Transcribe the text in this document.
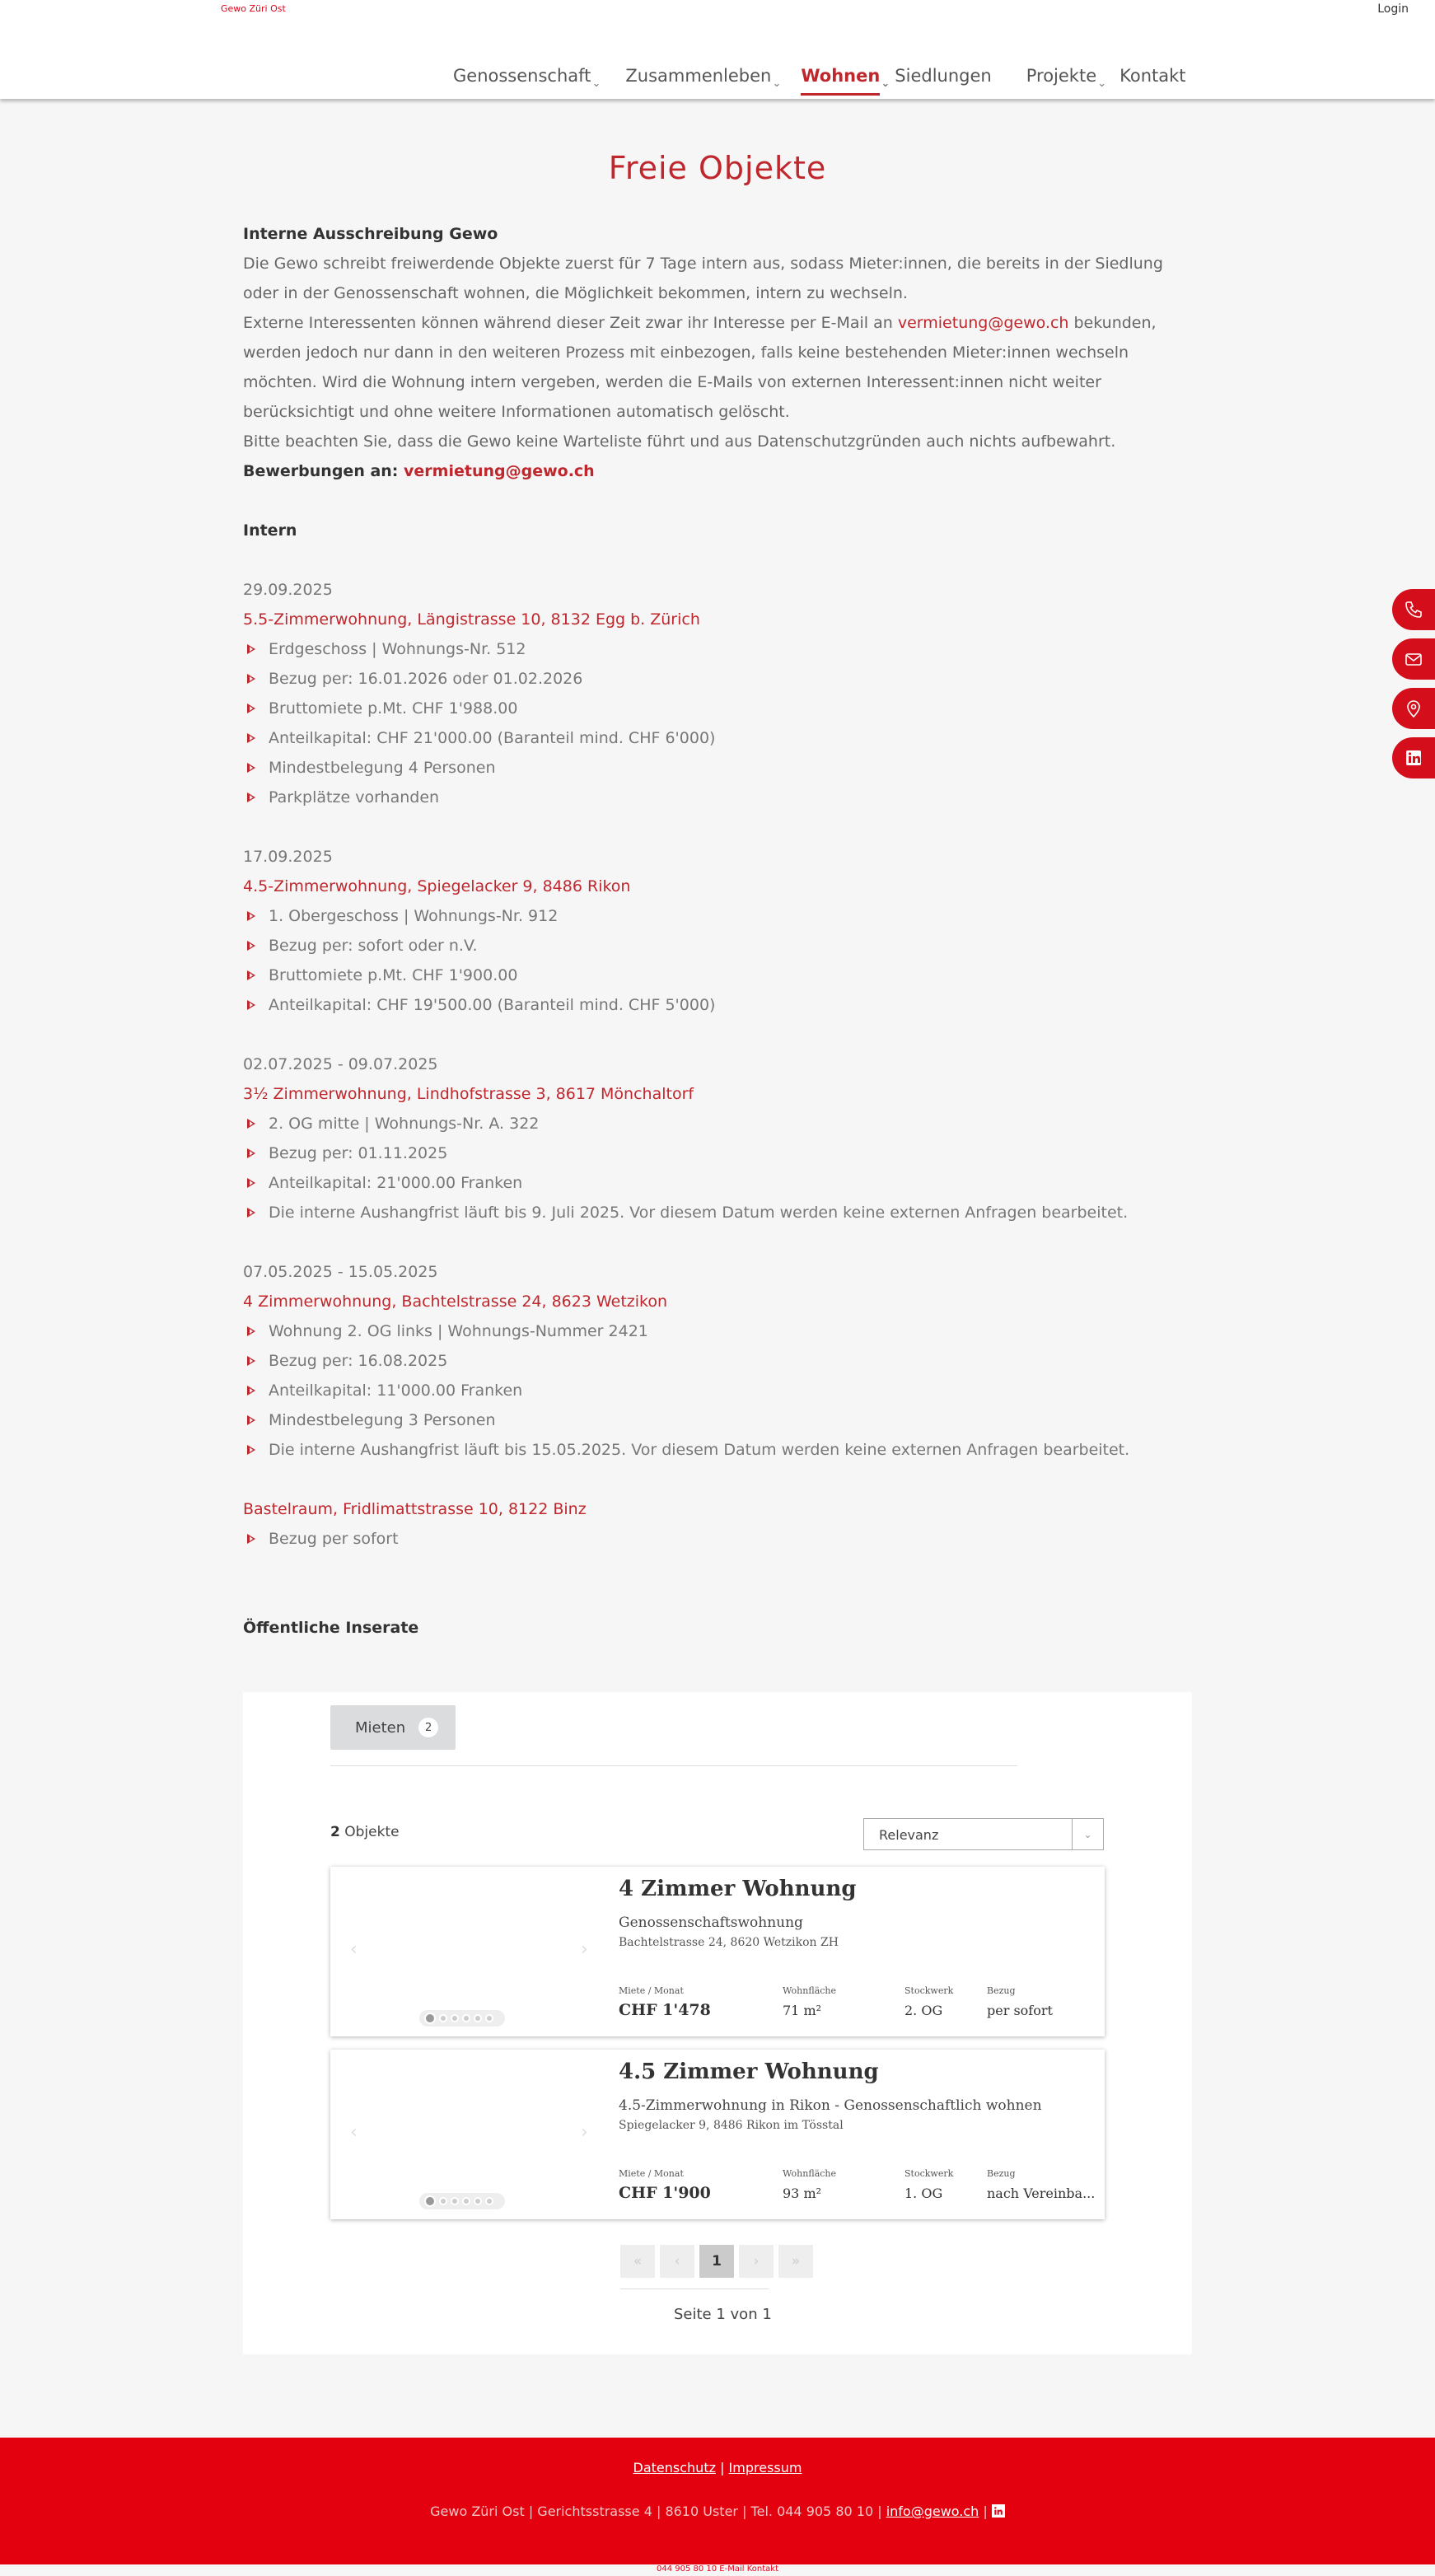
Gewo Züri Ost	Login
Genossenschaft ⌄ Zusammenleben ⌄ Wohnen ⌄ Siedlungen Projekte ⌄ Kontakt
Freie Objekte
Interne Ausschreibung Gewo
Die Gewo schreibt freiwerdende Objekte zuerst für 7 Tage intern aus, sodass Mieter:innen, die bereits in der Siedlung oder in der Genossenschaft wohnen, die Möglichkeit bekommen, intern zu wechseln.
Externe Interessenten können während dieser Zeit zwar ihr Interesse per E-Mail an vermietung@gewo.ch bekunden, werden jedoch nur dann in den weiteren Prozess mit einbezogen, falls keine bestehenden Mieter:innen wechseln möchten. Wird die Wohnung intern vergeben, werden die E-Mails von externen Interessent:innen nicht weiter berücksichtigt und ohne weitere Informationen automatisch gelöscht.
Bitte beachten Sie, dass die Gewo keine Warteliste führt und aus Datenschutzgründen auch nichts aufbewahrt.
Bewerbungen an: vermietung@gewo.ch
Intern
29.09.2025
5.5-Zimmerwohnung, Längistrasse 10, 8132 Egg b. Zürich
Erdgeschoss | Wohnungs-Nr. 512
Bezug per: 16.01.2026 oder 01.02.2026
Bruttomiete p.Mt. CHF 1'988.00
Anteilkapital: CHF 21'000.00 (Baranteil mind. CHF 6'000)
Mindestbelegung 4 Personen
Parkplätze vorhanden
17.09.2025
4.5-Zimmerwohnung, Spiegelacker 9, 8486 Rikon
1. Obergeschoss | Wohnungs-Nr. 912
Bezug per: sofort oder n.V.
Bruttomiete p.Mt. CHF 1'900.00
Anteilkapital: CHF 19'500.00 (Baranteil mind. CHF 5'000)
02.07.2025 - 09.07.2025
3½ Zimmerwohnung, Lindhofstrasse 3, 8617 Mönchaltorf
2. OG mitte | Wohnungs-Nr. A. 322
Bezug per: 01.11.2025
Anteilkapital: 21'000.00 Franken
Die interne Aushangfrist läuft bis 9. Juli 2025. Vor diesem Datum werden keine externen Anfragen bearbeitet.
07.05.2025 - 15.05.2025
4 Zimmerwohnung, Bachtelstrasse 24, 8623 Wetzikon
Wohnung 2. OG links | Wohnungs-Nummer 2421
Bezug per: 16.08.2025
Anteilkapital: 11'000.00 Franken
Mindestbelegung 3 Personen
Die interne Aushangfrist läuft bis 15.05.2025. Vor diesem Datum werden keine externen Anfragen bearbeitet.
Bastelraum, Fridlimattstrasse 10, 8122 Binz
Bezug per sofort
Öffentliche Inserate
Mieten	2
2 Objekte	Relevanz	⌄
‹	›
4 Zimmer Wohnung
Genossenschaftswohnung
Bachtelstrasse 24, 8620 Wetzikon ZH
Miete / Monat
CHF 1'478
Wohnfläche
71 m²
Stockwerk
2. OG
Bezug
per sofort
‹	›
4.5 Zimmer Wohnung
4.5-Zimmerwohnung in Rikon - Genossenschaftlich wohnen
Spiegelacker 9, 8486 Rikon im Tösstal
Miete / Monat
CHF 1'900
Wohnfläche
93 m²
Stockwerk
1. OG
Bezug
nach Vereinba...
«	‹	1	›	»
Seite 1 von 1
Datenschutz | Impressum
Gewo Züri Ost | Gerichtsstrasse 4 | 8610 Uster | Tel. 044 905 80 10 | info@gewo.ch |
044 905 80 10 E-Mail Kontakt
